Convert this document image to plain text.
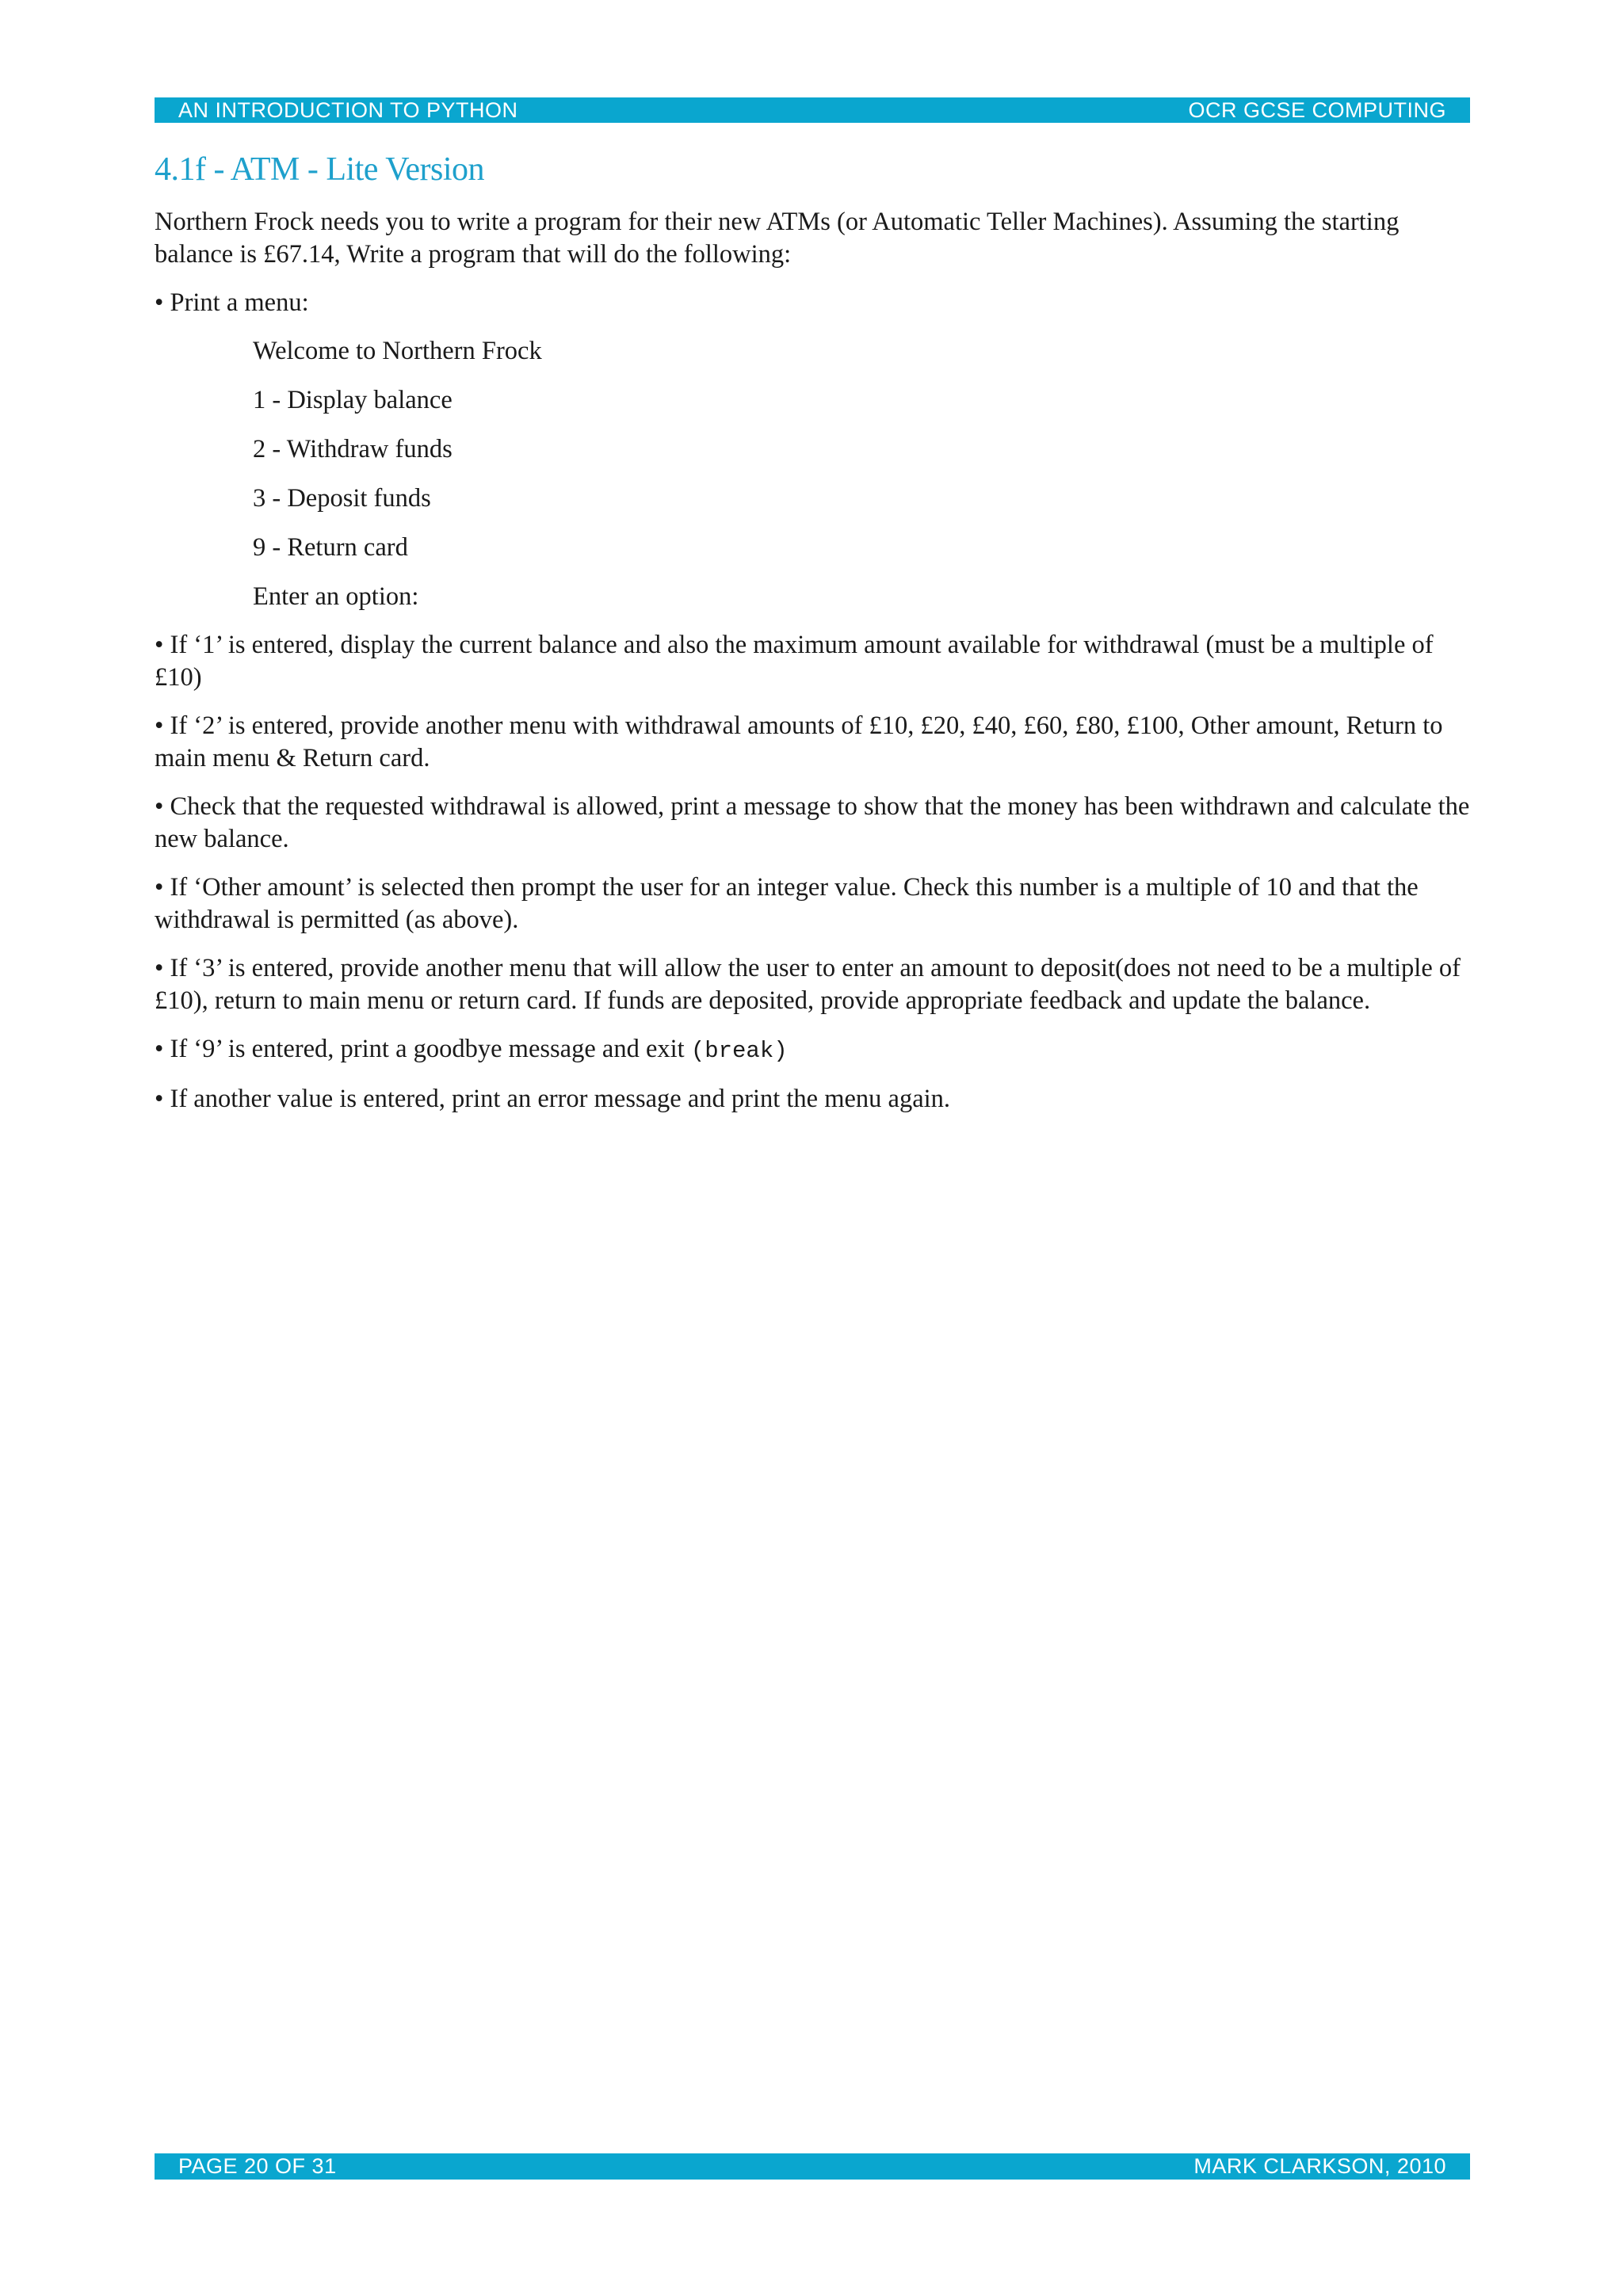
AN INTRODUCTION TO PYTHON	OCR GCSE COMPUTING
4.1f - ATM - Lite Version

Northern Frock needs you to write a program for their new ATMs (or Automatic Teller Machines). Assuming the starting balance is £67.14, Write a program that will do the following:

• Print a menu:

Welcome to Northern Frock
1 - Display balance
2 - Withdraw funds
3 - Deposit funds
9 - Return card
Enter an option:

• If ‘1’ is entered, display the current balance and also the maximum amount available for withdrawal (must be a multiple of £10)

• If ‘2’ is entered, provide another menu with withdrawal amounts of £10, £20, £40, £60, £80, £100, Other amount, Return to main menu & Return card.

• Check that the requested withdrawal is allowed, print a message to show that the money has been withdrawn and calculate the new balance.

• If ‘Other amount’ is selected then prompt the user for an integer value. Check this number is a multiple of 10 and that the withdrawal is permitted (as above).

• If ‘3’ is entered, provide another menu that will allow the user to enter an amount to deposit(does not need to be a multiple of £10), return to main menu or return card. If funds are deposited, provide appropriate feedback and update the balance.

• If ‘9’ is entered, print a goodbye message and exit (break)

• If another value is entered, print an error message and print the menu again.

PAGE 20 OF 31	MARK CLARKSON, 2010
